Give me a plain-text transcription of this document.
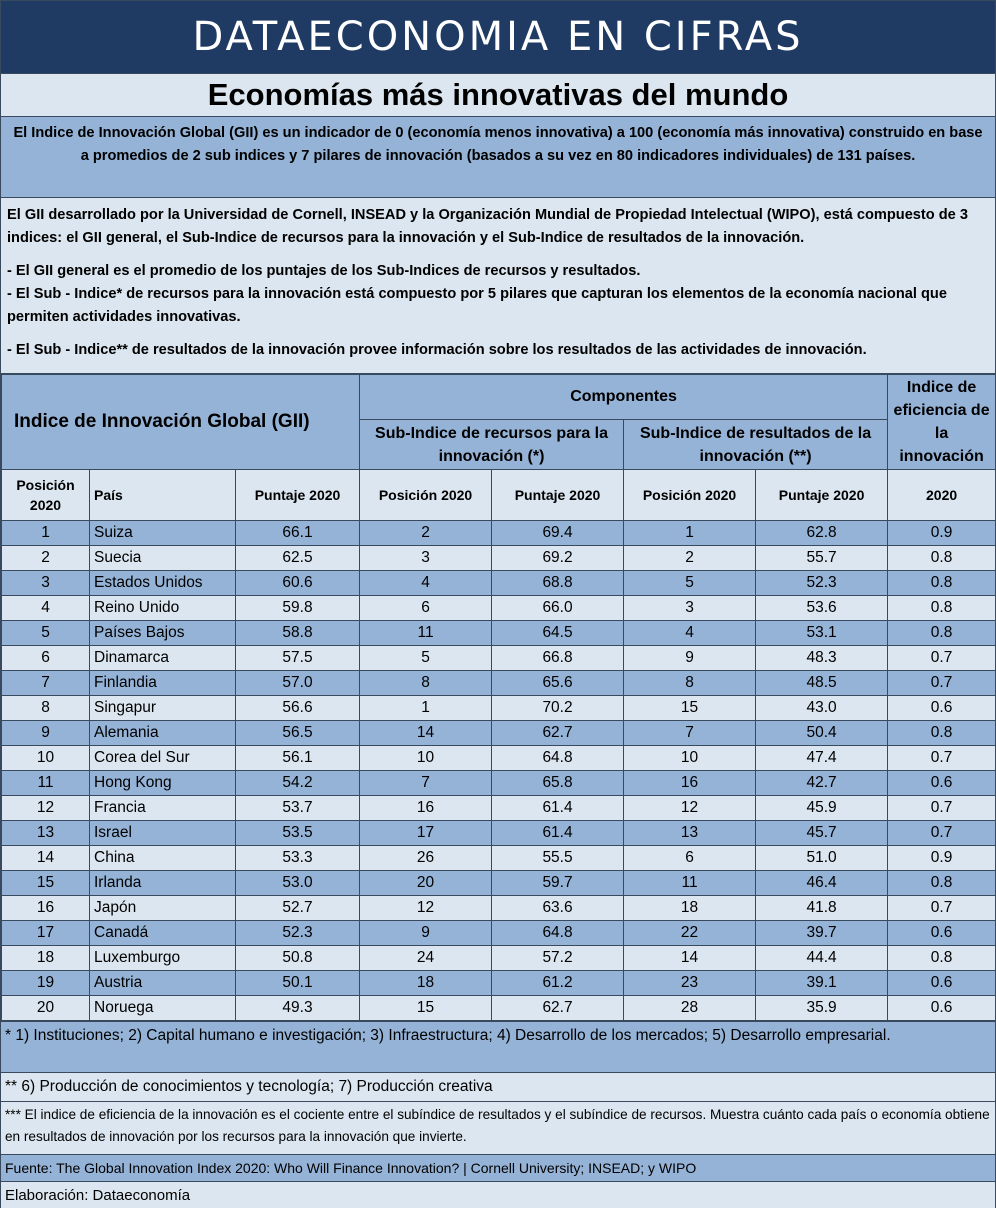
DATAECONOMIA EN CIFRAS
Economías más innovativas del mundo
El Indice de Innovación Global (GII) es un indicador de 0 (economía menos innovativa) a 100 (economía más innovativa) construido en base a promedios de 2 sub indices y 7 pilares de innovación (basados a su vez en 80 indicadores individuales) de 131 países.

El GII desarrollado por la Universidad de Cornell, INSEAD y la Organización Mundial de Propiedad Intelectual (WIPO), está compuesto de 3 indices: el GII general, el Sub-Indice de recursos para la innovación y el Sub-Indice de resultados de la innovación.

- El GII general es el promedio de los puntajes de los Sub-Indices de recursos y resultados.

- El Sub - Indice* de recursos para la innovación está compuesto por 5 pilares que capturan los elementos de la economía nacional que permiten actividades innovativas.

- El Sub - Indice** de resultados de la innovación provee información sobre los resultados de las actividades de innovación.

Indice de Innovación Global (GII)			Componentes				Indice de eficiencia de la innovación
			Sub-Indice de recursos para la innovación (*)		Sub-Indice de resultados de la innovación (**)		
Posición 2020	País	Puntaje 2020	Posición 2020	Puntaje 2020	Posición 2020	Puntaje 2020	2020
1	Suiza	66.1	2	69.4	1	62.8	0.9
2	Suecia	62.5	3	69.2	2	55.7	0.8
3	Estados Unidos	60.6	4	68.8	5	52.3	0.8
4	Reino Unido	59.8	6	66.0	3	53.6	0.8
5	Países Bajos	58.8	11	64.5	4	53.1	0.8
6	Dinamarca	57.5	5	66.8	9	48.3	0.7
7	Finlandia	57.0	8	65.6	8	48.5	0.7
8	Singapur	56.6	1	70.2	15	43.0	0.6
9	Alemania	56.5	14	62.7	7	50.4	0.8
10	Corea del Sur	56.1	10	64.8	10	47.4	0.7
11	Hong Kong	54.2	7	65.8	16	42.7	0.6
12	Francia	53.7	16	61.4	12	45.9	0.7
13	Israel	53.5	17	61.4	13	45.7	0.7
14	China	53.3	26	55.5	6	51.0	0.9
15	Irlanda	53.0	20	59.7	11	46.4	0.8
16	Japón	52.7	12	63.6	18	41.8	0.7
17	Canadá	52.3	9	64.8	22	39.7	0.6
18	Luxemburgo	50.8	24	57.2	14	44.4	0.8
19	Austria	50.1	18	61.2	23	39.1	0.6
20	Noruega	49.3	15	62.7	28	35.9	0.6
* 1) Instituciones; 2) Capital humano e investigación; 3) Infraestructura; 4) Desarrollo de los mercados; 5) Desarrollo empresarial.
** 6) Producción de conocimientos y tecnología; 7) Producción creativa
*** El indice de eficiencia de la innovación es el cociente entre el subíndice de resultados y el subíndice de recursos. Muestra cuánto cada país o economía obtiene en resultados de innovación por los recursos para la innovación que invierte.
Fuente: The Global Innovation Index 2020: Who Will Finance Innovation? | Cornell University; INSEAD; y WIPO
Elaboración: Dataeconomía
